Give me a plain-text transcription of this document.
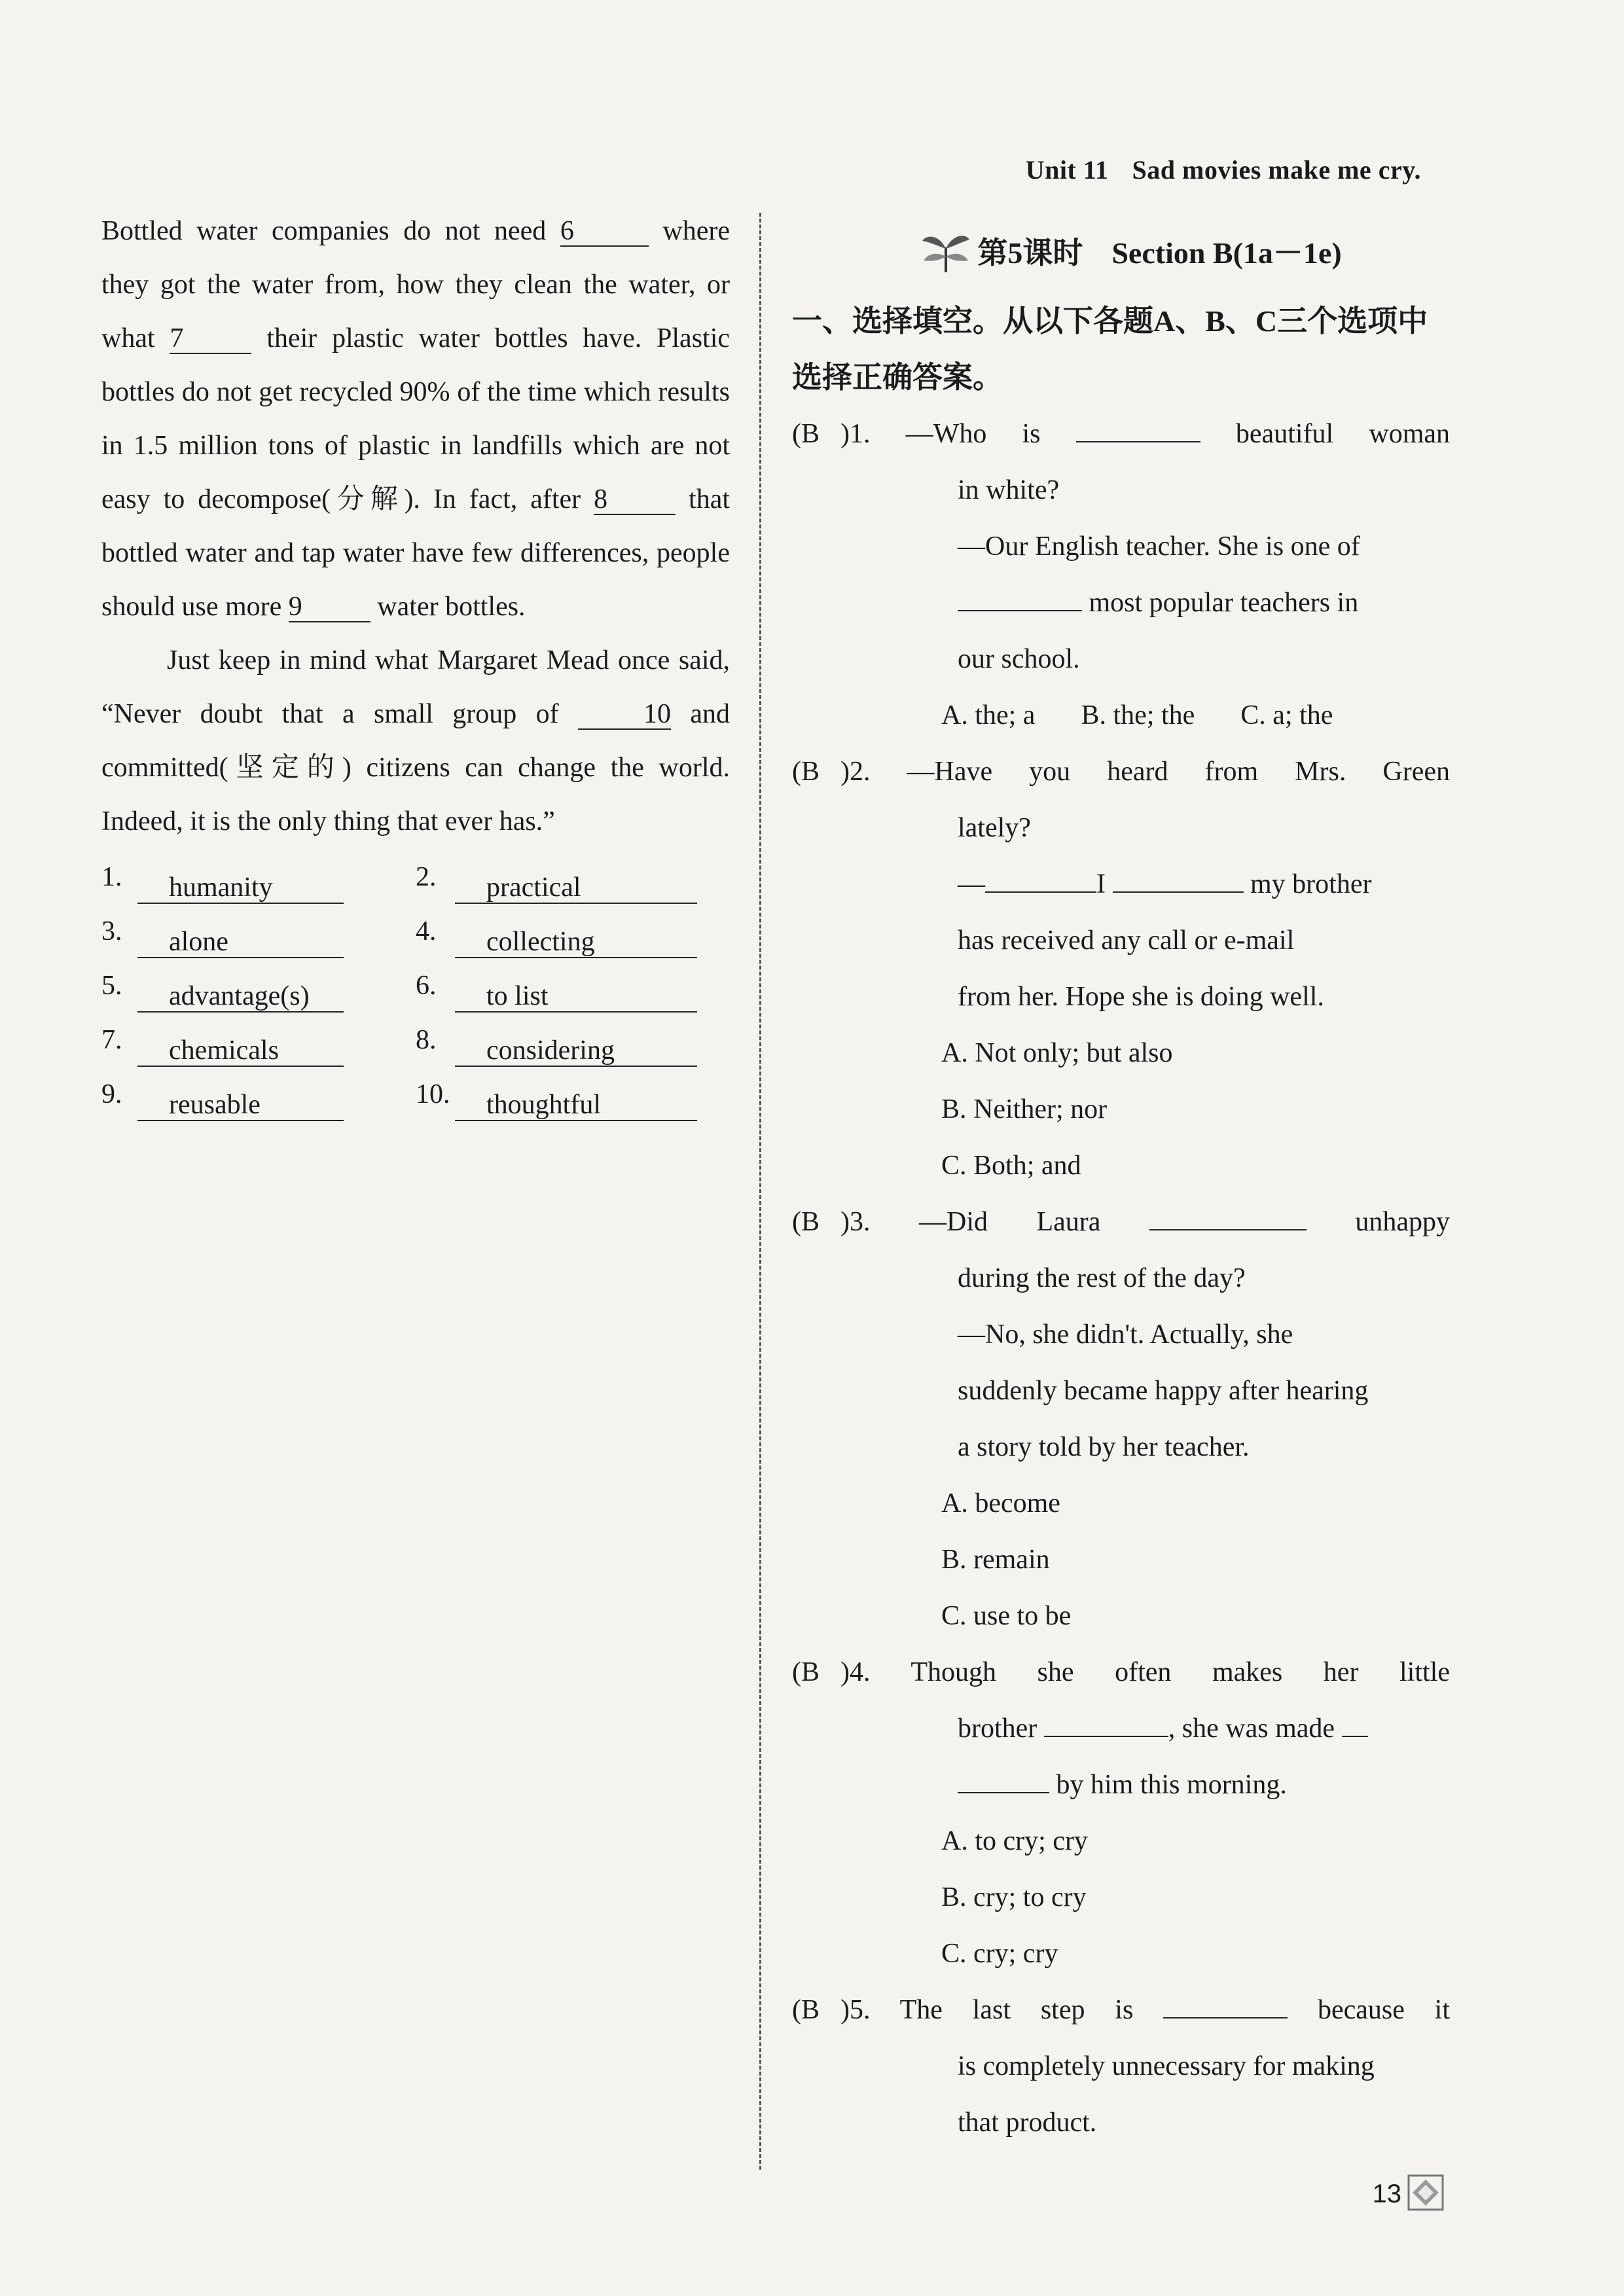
Unit 11 Sad movies make me cry.

Bottled water companies do not need 6	where they got the water from, how they clean the water, or what 7	their plastic water bottles have. Plastic bottles do not get recycled 90% of the time which results in 1.5 million tons of plastic in landfills which are not easy to decompose(分解). In fact, after 8	that bottled water and tap water have few differences, people should use more 9	water bottles.

Just keep in mind what Margaret Mead once said, “Never doubt that a small group of	10 and committed(坚定的) citizens can change the world. Indeed, it is the only thing that ever has.”

1.	humanity	2.	practical
3.	alone	4.	collecting
5.	advantage(s)	6.	to list
7.	chemicals	8.	considering
9.	reusable	10.	thoughtful
第5课时 Section B(1a－1e)

一、选择填空。从以下各题A、B、C三个选项中选择正确答案。

(B )1. —Who is	beautiful woman
in white?
—Our English teacher. She is one of
most popular teachers in
our school.
A. the; a B. the; the C. a; the
(B )2. —Have you heard from Mrs. Green
lately?
—	I	my brother
has received any call or e-mail
from her. Hope she is doing well.
A. Not only; but also
B. Neither; nor
C. Both; and
(B )3. —Did Laura	unhappy
during the rest of the day?
—No, she didn't. Actually, she
suddenly became happy after hearing
a story told by her teacher.
A. become
B. remain
C. use to be
(B )4. Though she often makes her little
brother	, she was made
by him this morning.
A. to cry; cry
B. cry; to cry
C. cry; cry
(B )5. The last step is	because it
is completely unnecessary for making
that product.
13
